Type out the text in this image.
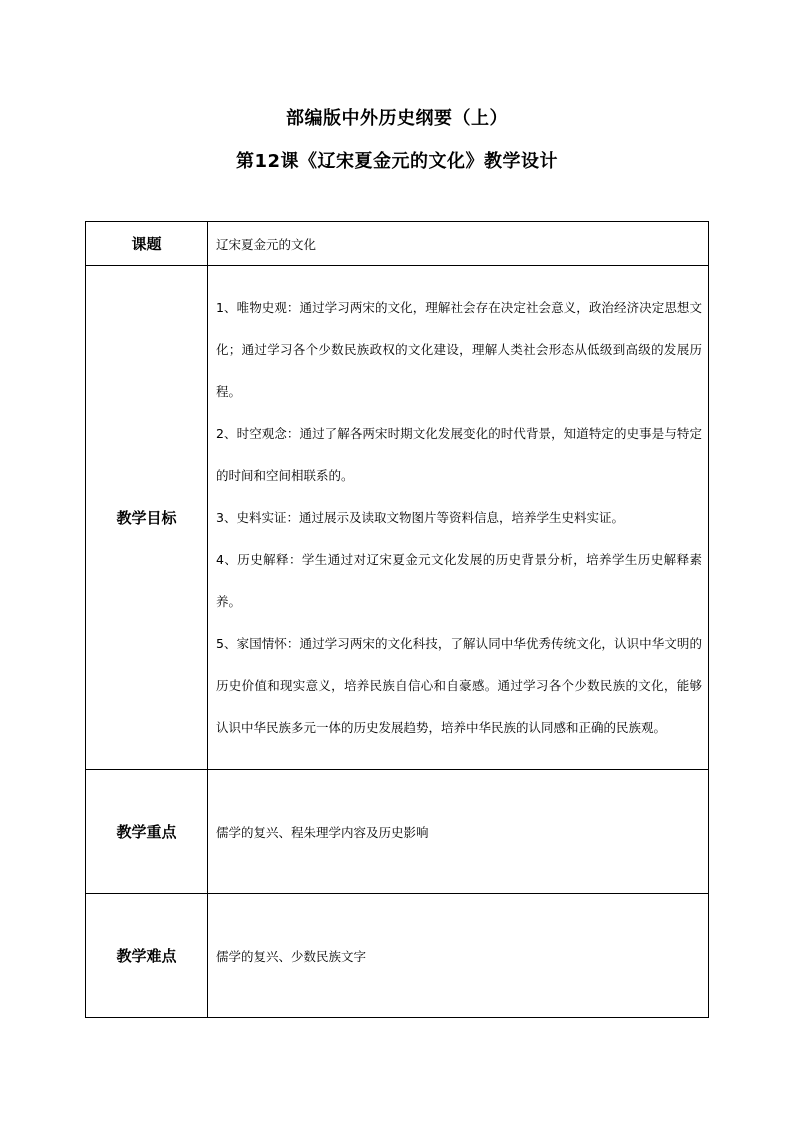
部编版中外历史纲要（上）
第12课《辽宋夏金元的文化》教学设计
课题	辽宋夏金元的文化
教学目标	1、唯物史观：通过学习两宋的文化，理解社会存在决定社会意义，政治经济决定思想文化；通过学习各个少数民族政权的文化建设，理解人类社会形态从低级到高级的发展历程。

2、时空观念：通过了解各两宋时期文化发展变化的时代背景，知道特定的史事是与特定的时间和空间相联系的。

3、史料实证：通过展示及读取文物图片等资料信息，培养学生史料实证。

4、历史解释：学生通过对辽宋夏金元文化发展的历史背景分析，培养学生历史解释素养。

5、家国情怀：通过学习两宋的文化科技，了解认同中华优秀传统文化，认识中华文明的历史价值和现实意义，培养民族自信心和自豪感。通过学习各个少数民族的文化，能够认识中华民族多元一体的历史发展趋势，培养中华民族的认同感和正确的民族观。

教学重点	儒学的复兴、程朱理学内容及历史影响
教学难点	儒学的复兴、少数民族文字
